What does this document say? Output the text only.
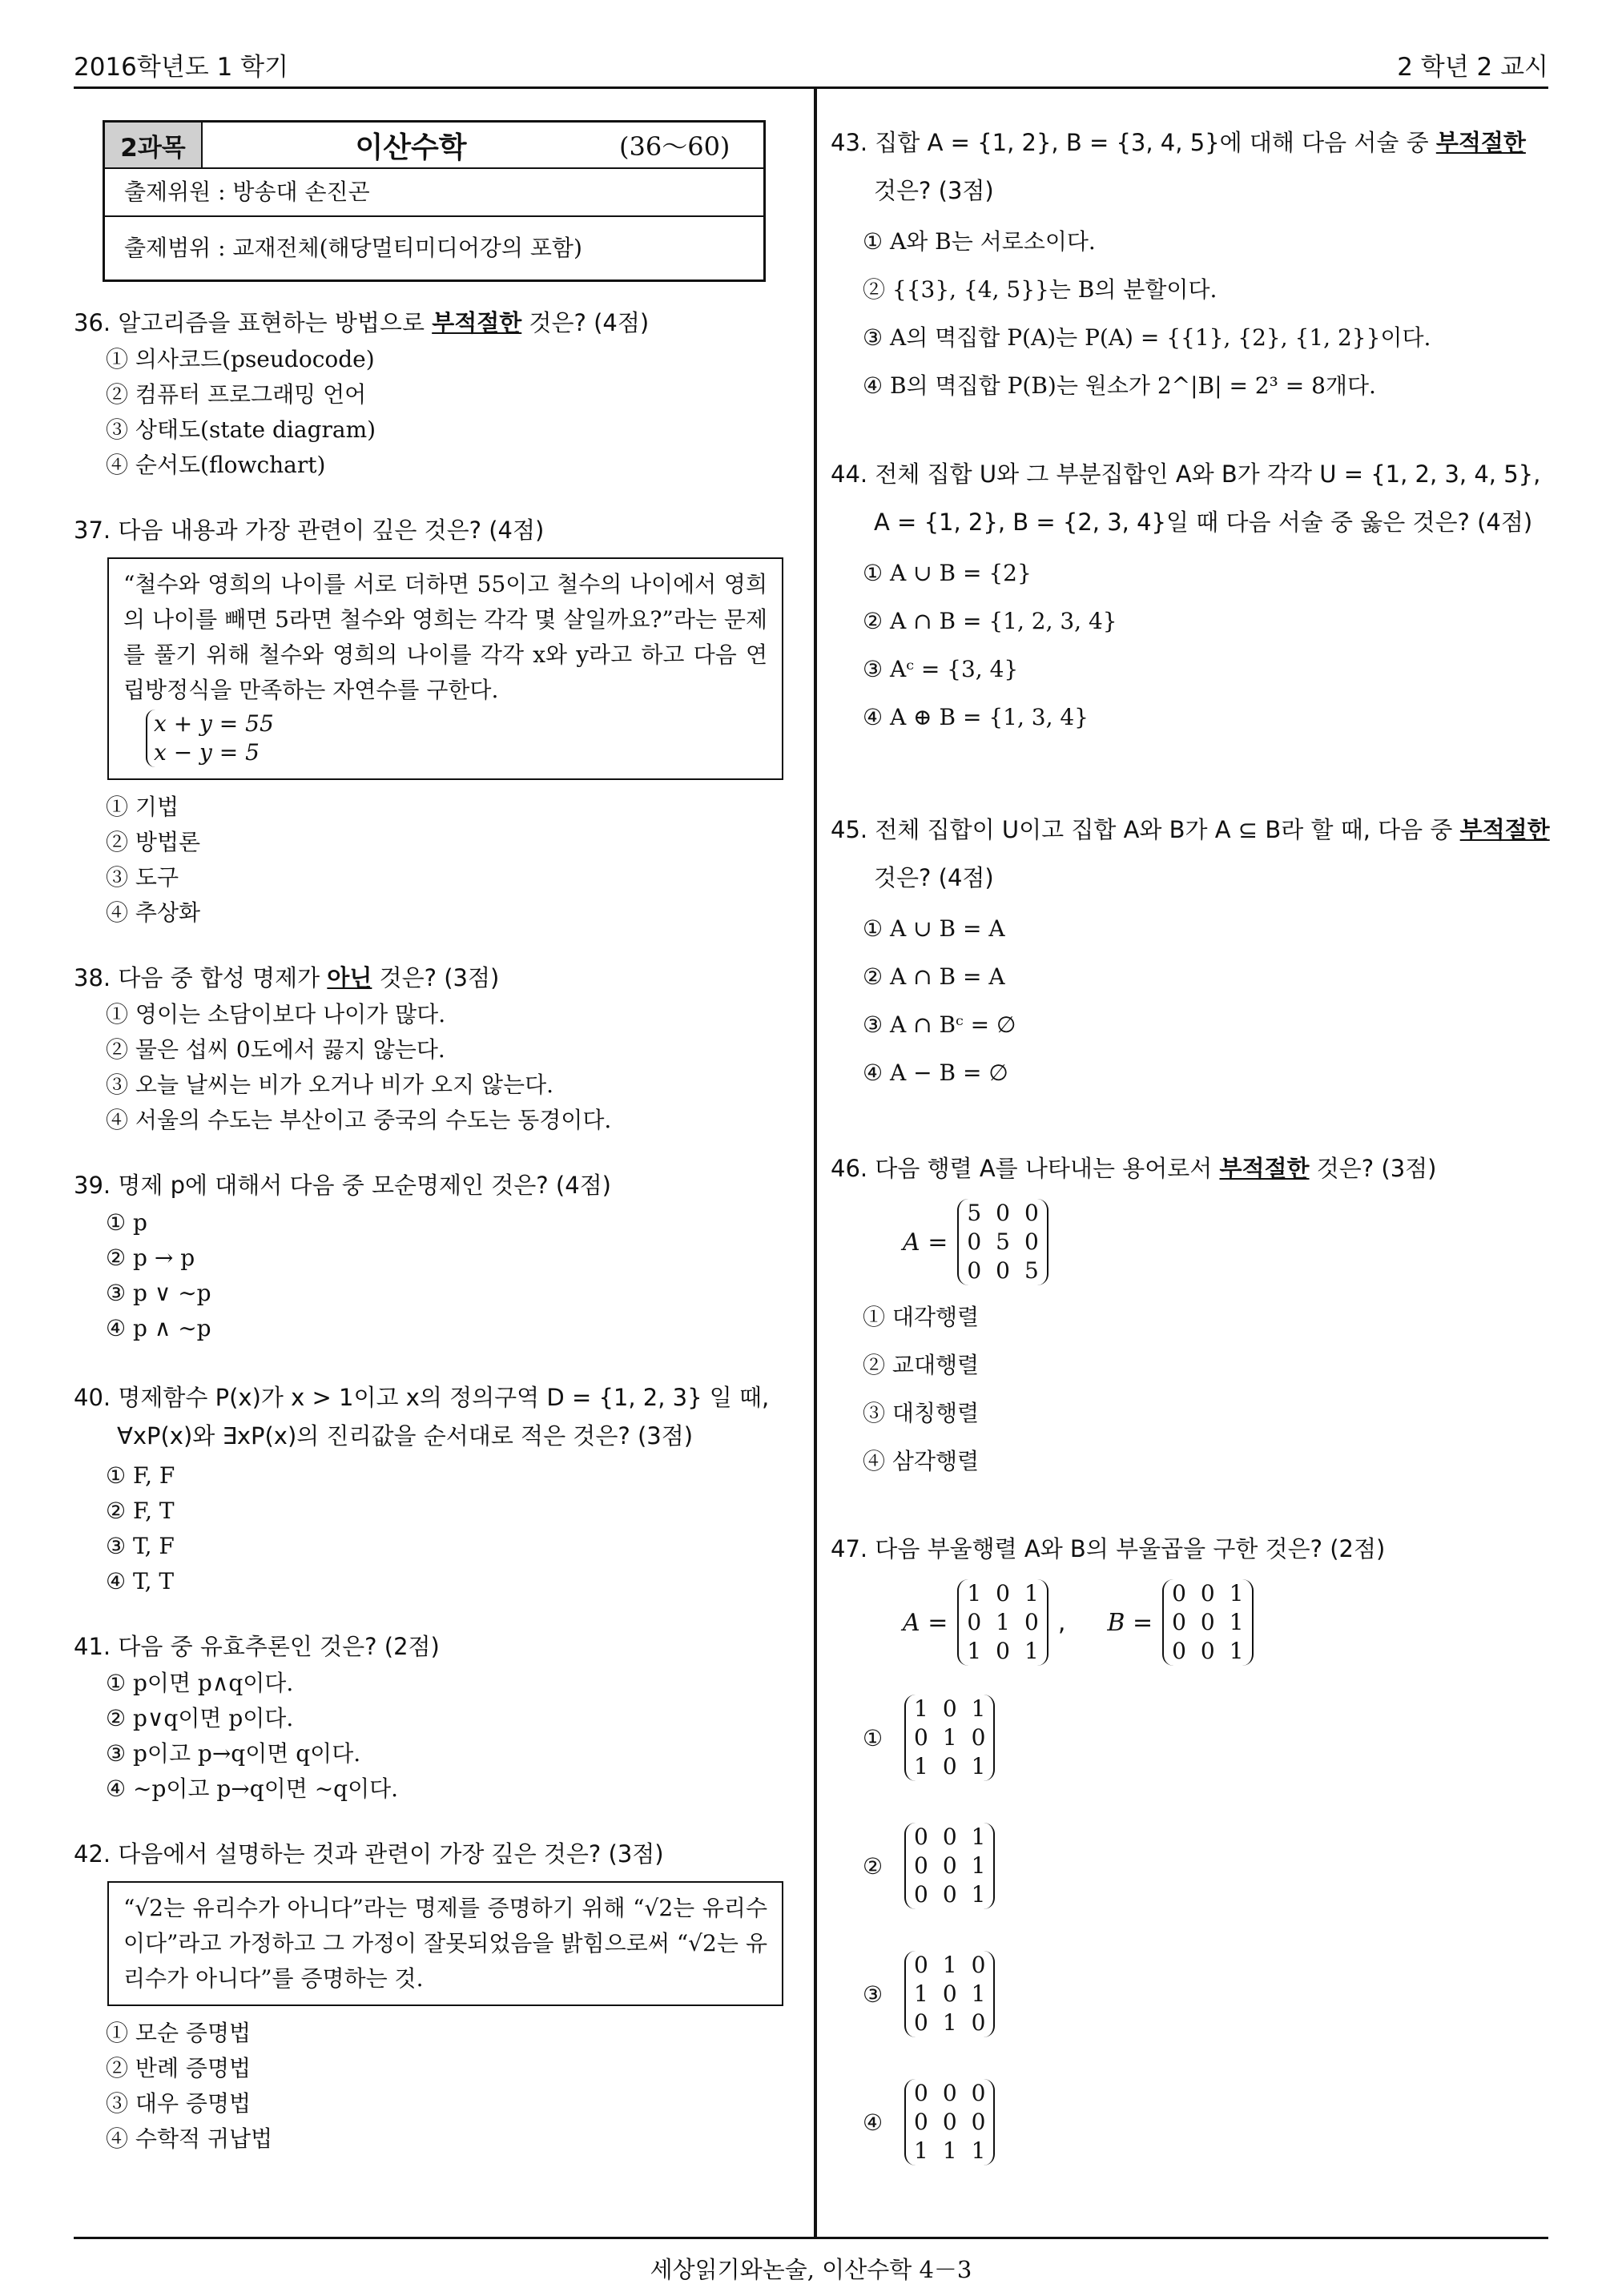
2016학년도 1 학기	2 학년 2 교시
2과목	이산수학	(36～60)
출제위원 : 방송대 손진곤
출제범위 : 교재전체(해당멀티미디어강의 포함)
36. 알고리즘을 표현하는 방법으로 부적절한 것은? (4점)
① 의사코드(pseudocode)
② 컴퓨터 프로그래밍 언어
③ 상태도(state diagram)
④ 순서도(flowchart)
37. 다음 내용과 가장 관련이 깊은 것은? (4점)
“철수와 영희의 나이를 서로 더하면 55이고 철수의 나이에서 영희의 나이를 빼면 5라면 철수와 영희는 각각 몇 살일까요?”라는 문제를 풀기 위해 철수와 영희의 나이를 각각 x와 y라고 하고 다음 연립방정식을 만족하는 자연수를 구한다.
x + y = 55
x − y = 5
① 기법
② 방법론
③ 도구
④ 추상화
38. 다음 중 합성 명제가 아닌 것은? (3점)
① 영이는 소담이보다 나이가 많다.
② 물은 섭씨 0도에서 끓지 않는다.
③ 오늘 날씨는 비가 오거나 비가 오지 않는다.
④ 서울의 수도는 부산이고 중국의 수도는 동경이다.
39. 명제 p에 대해서 다음 중 모순명제인 것은? (4점)
① p
② p → p
③ p ∨ ∼p
④ p ∧ ∼p
40. 명제함수 P(x)가 x > 1이고 x의 정의구역 D = {1, 2, 3} 일 때, ∀xP(x)와 ∃xP(x)의 진리값을 순서대로 적은 것은? (3점)
① F, F
② F, T
③ T, F
④ T, T
41. 다음 중 유효추론인 것은? (2점)
① p이면 p∧q이다.
② p∨q이면 p이다.
③ p이고 p→q이면 q이다.
④ ∼p이고 p→q이면 ∼q이다.
42. 다음에서 설명하는 것과 관련이 가장 깊은 것은? (3점)
“√2는 유리수가 아니다”라는 명제를 증명하기 위해 “√2는 유리수이다”라고 가정하고 그 가정이 잘못되었음을 밝힘으로써 “√2는 유리수가 아니다”를 증명하는 것.
① 모순 증명법
② 반례 증명법
③ 대우 증명법
④ 수학적 귀납법
43. 집합 A = {1, 2}, B = {3, 4, 5}에 대해 다음 서술 중 부적절한 것은? (3점)
① A와 B는 서로소이다.
② {{3}, {4, 5}}는 B의 분할이다.
③ A의 멱집합 P(A)는 P(A) = {{1}, {2}, {1, 2}}이다.
④ B의 멱집합 P(B)는 원소가 2^|B| = 2³ = 8개다.
44. 전체 집합 U와 그 부분집합인 A와 B가 각각 U = {1, 2, 3, 4, 5}, A = {1, 2}, B = {2, 3, 4}일 때 다음 서술 중 옳은 것은? (4점)
① A ∪ B = {2}
② A ∩ B = {1, 2, 3, 4}
③ Aᶜ = {3, 4}
④ A ⊕ B = {1, 3, 4}
45. 전체 집합이 U이고 집합 A와 B가 A ⊆ B라 할 때, 다음 중 부적절한 것은? (4점)
① A ∪ B = A
② A ∩ B = A
③ A ∩ Bᶜ = ∅
④ A − B = ∅
46. 다음 행렬 A를 나타내는 용어로서 부적절한 것은? (3점)
A =
5 0 0
0 5 0
0 0 5
① 대각행렬
② 교대행렬
③ 대칭행렬
④ 삼각행렬
47. 다음 부울행렬 A와 B의 부울곱을 구한 것은? (2점)
A =
1 0 1
0 1 0
1 0 1
, B =
0 0 1
0 0 1
0 0 1
①
1 0 1
0 1 0
1 0 1
②
0 0 1
0 0 1
0 0 1
③
0 1 0
1 0 1
0 1 0
④
0 0 0
0 0 0
1 1 1
세상읽기와논술, 이산수학 4－3
